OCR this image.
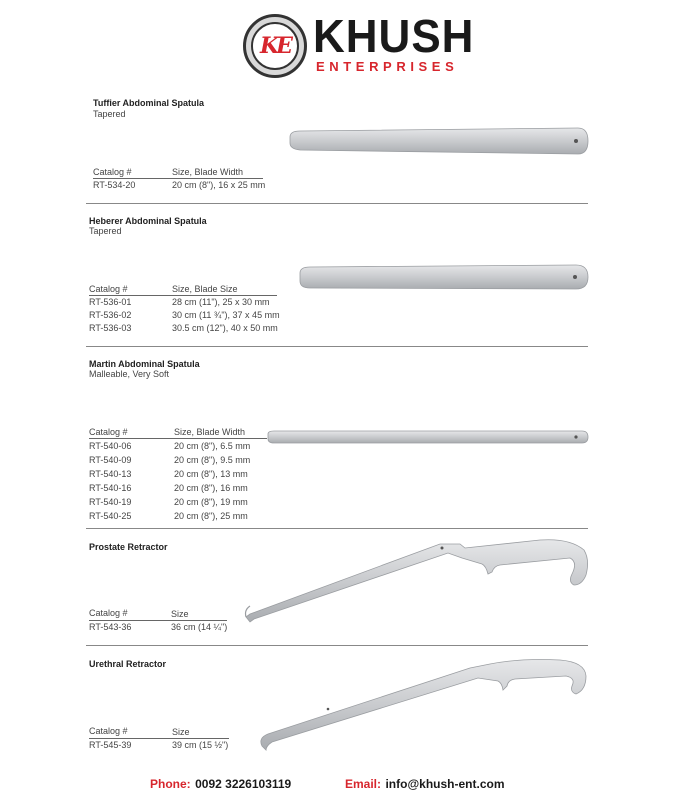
KE KHUSH
ENTERPRISES
Tuffier Abdominal Spatula
Tapered
Catalog #	Size, Blade Width
RT-534-20	20 cm (8"), 16 x 25 mm
Heberer Abdominal Spatula
Tapered
Catalog #	Size, Blade Size
RT-536-01	28 cm (11"), 25 x 30 mm
RT-536-02	30 cm (11 ¾"), 37 x 45 mm
RT-536-03	30.5 cm (12"), 40 x 50 mm
Martin Abdominal Spatula
Malleable, Very Soft
Catalog #	Size, Blade Width
RT-540-06	20 cm (8"), 6.5 mm
RT-540-09	20 cm (8"), 9.5 mm
RT-540-13	20 cm (8"), 13 mm
RT-540-16	20 cm (8"), 16 mm
RT-540-19	20 cm (8"), 19 mm
RT-540-25	20 cm (8"), 25 mm
Prostate Retractor
Catalog #	Size
RT-543-36	36 cm (14 ¼")
Urethral Retractor
Catalog #	Size
RT-545-39	39 cm (15 ½")
Phone: 0092 3226103119	Email: info@khush-ent.com
